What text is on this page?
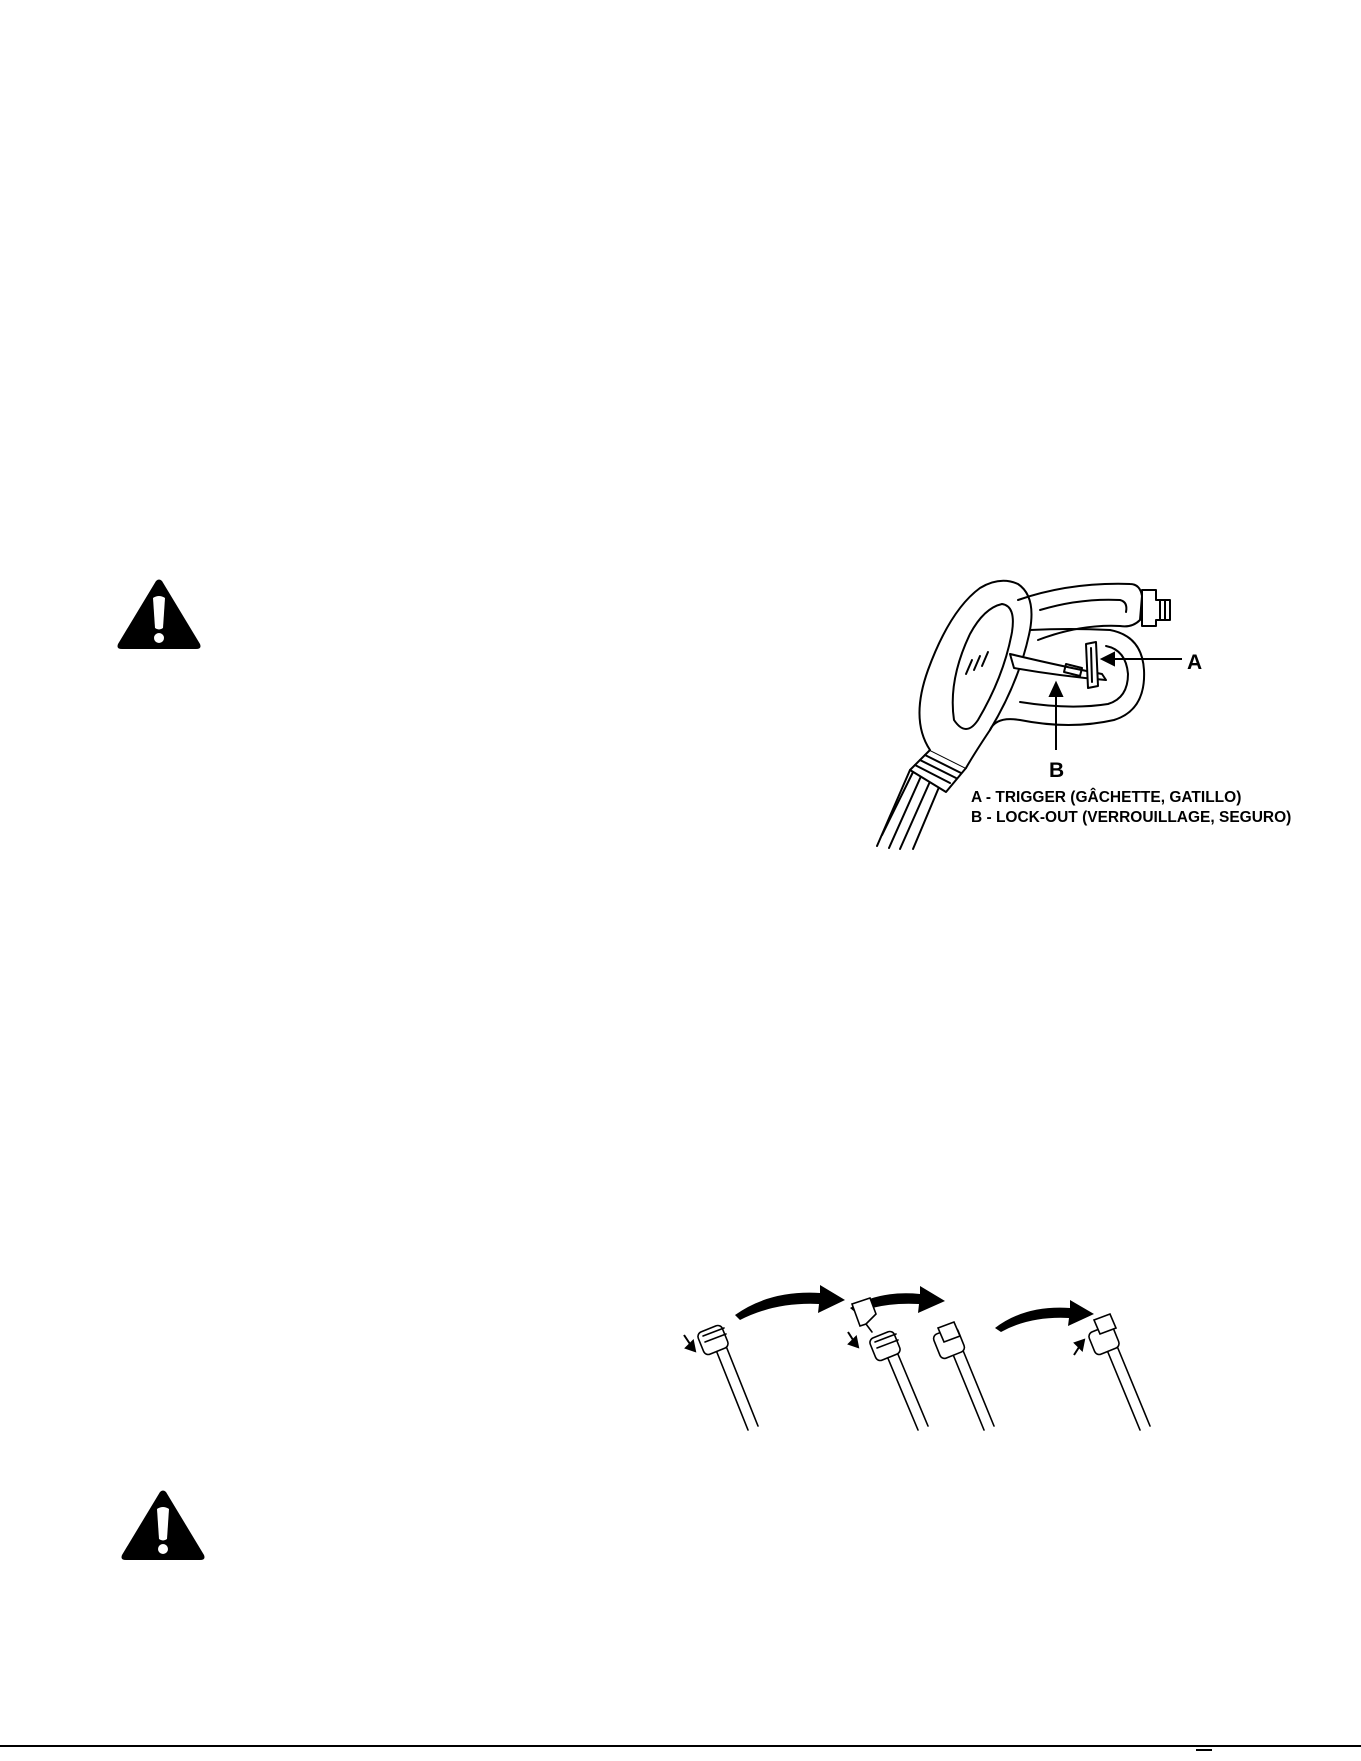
A
B
A - TRIGGER (GÂCHETTE, GATILLO)
B - LOCK-OUT (VERROUILLAGE, SEGURO)
